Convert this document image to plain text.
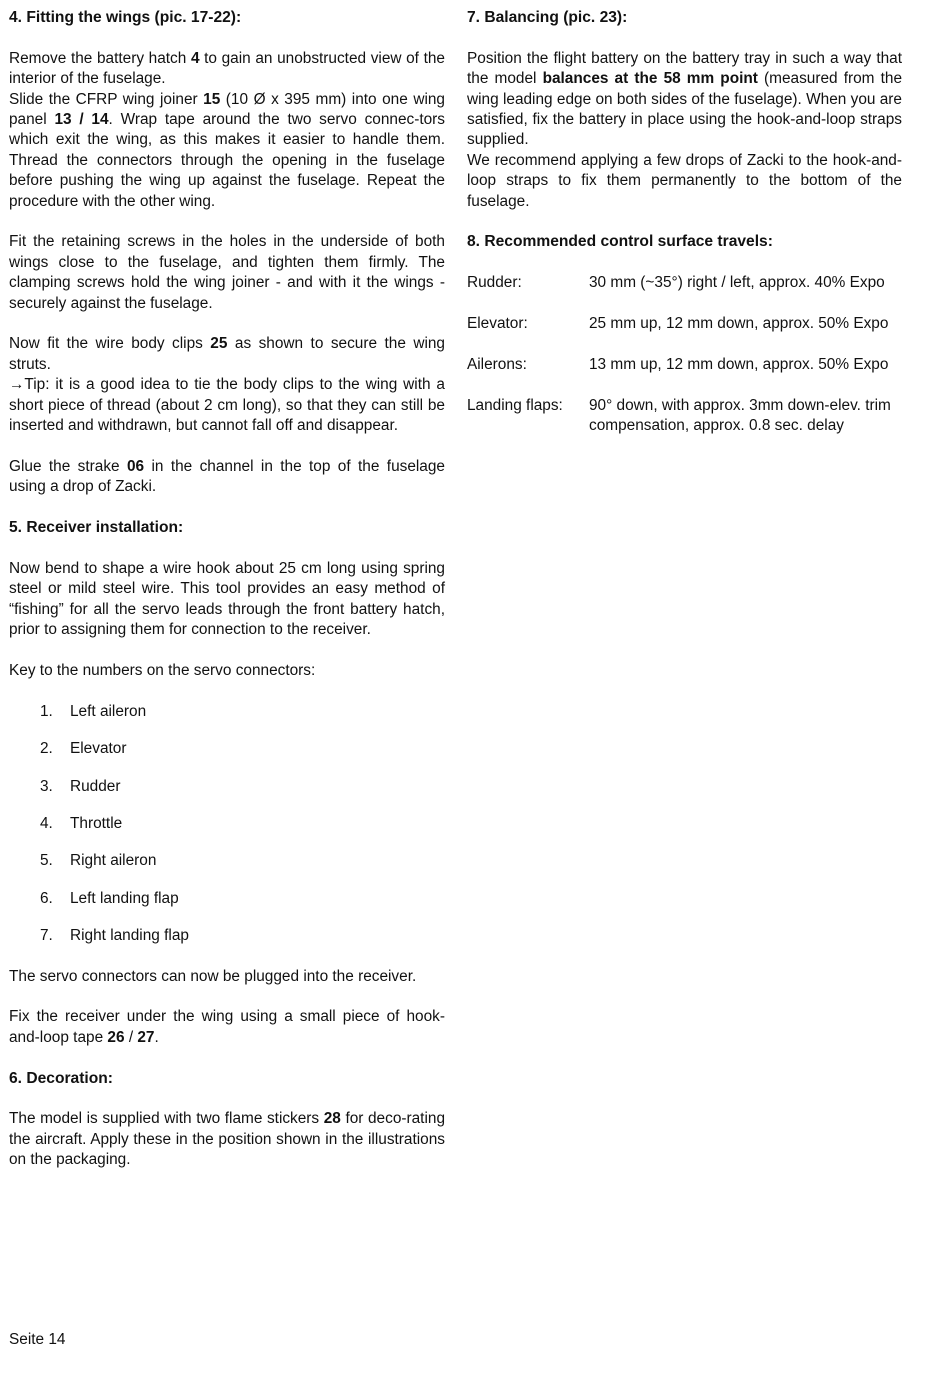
4. Fitting the wings (pic. 17-22):

Remove the battery hatch 4 to gain an unobstructed view of the interior of the fuselage.

Slide the CFRP wing joiner 15 (10 Ø x 395 mm) into one wing panel 13 / 14. Wrap tape around the two servo connec-tors which exit the wing, as this makes it easier to handle them. Thread the connectors through the opening in the fuselage before pushing the wing up against the fuselage. Repeat the procedure with the other wing.

Fit the retaining screws in the holes in the underside of both wings close to the fuselage, and tighten them firmly. The clamping screws hold the wing joiner - and with it the wings - securely against the fuselage.

Now fit the wire body clips 25 as shown to secure the wing struts.

→Tip: it is a good idea to tie the body clips to the wing with a short piece of thread (about 2 cm long), so that they can still be inserted and withdrawn, but cannot fall off and disappear.

Glue the strake 06 in the channel in the top of the fuselage using a drop of Zacki.

5. Receiver installation:

Now bend to shape a wire hook about 25 cm long using spring steel or mild steel wire. This tool provides an easy method of “fishing” for all the servo leads through the front battery hatch, prior to assigning them for connection to the receiver.

Key to the numbers on the servo connectors:

1.	Left aileron
2.	Elevator
3.	Rudder
4.	Throttle
5.	Right aileron
6.	Left landing flap
7.	Right landing flap

The servo connectors can now be plugged into the receiver.

Fix the receiver under the wing using a small piece of hook-and-loop tape 26 / 27.

6. Decoration:

The model is supplied with two flame stickers 28 for deco-rating the aircraft. Apply these in the position shown in the illustrations on the packaging.

7. Balancing (pic. 23):

Position the flight battery on the battery tray in such a way that the model balances at the 58 mm point (measured from the wing leading edge on both sides of the fuselage). When you are satisfied, fix the battery in place using the hook-and-loop straps supplied.

We recommend applying a few drops of Zacki to the hook-and-loop straps to fix them permanently to the bottom of the fuselage.

8. Recommended control surface travels:
Rudder:	30 mm (~35°) right / left, approx. 40% Expo
Elevator:	25 mm up, 12 mm down, approx. 50% Expo
Ailerons:	13 mm up, 12 mm down, approx. 50% Expo
Landing flaps:	90° down, with approx. 3mm down-elev. trim compensation, approx. 0.8 sec. delay
Seite 14
